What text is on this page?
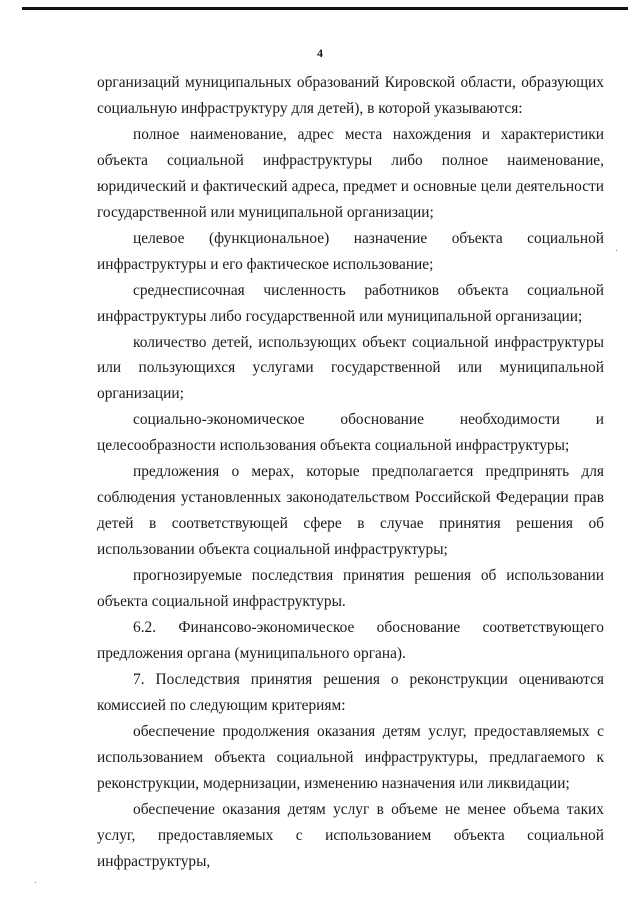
4

организаций муниципальных образований Кировской области, образующих социальную инфраструктуру для детей), в которой указываются:

полное наименование, адрес места нахождения и характеристики объекта социальной инфраструктуры либо полное наименование, юридический и фактический адреса, предмет и основные цели деятельности государственной или муниципальной организации;

целевое (функциональное) назначение объекта социальной инфраструктуры и его фактическое использование;

среднесписочная численность работников объекта социальной инфраструктуры либо государственной или муниципальной организации;

количество детей, использующих объект социальной инфраструктуры или пользующихся услугами государственной или муниципальной организации;

социально-экономическое обоснование необходимости и целесообразности использования объекта социальной инфраструктуры;

предложения о мерах, которые предполагается предпринять для соблюдения установленных законодательством Российской Федерации прав детей в соответствующей сфере в случае принятия решения об использовании объекта социальной инфраструктуры;

прогнозируемые последствия принятия решения об использовании объекта социальной инфраструктуры.

6.2. Финансово-экономическое обоснование соответствующего предложения органа (муниципального органа).

7. Последствия принятия решения о реконструкции оцениваются комиссией по следующим критериям:

обеспечение продолжения оказания детям услуг, предоставляемых с использованием объекта социальной инфраструктуры, предлагаемого к реконструкции, модернизации, изменению назначения или ликвидации;

обеспечение оказания детям услуг в объеме не менее объема таких услуг, предоставляемых с использованием объекта социальной инфраструктуры,
